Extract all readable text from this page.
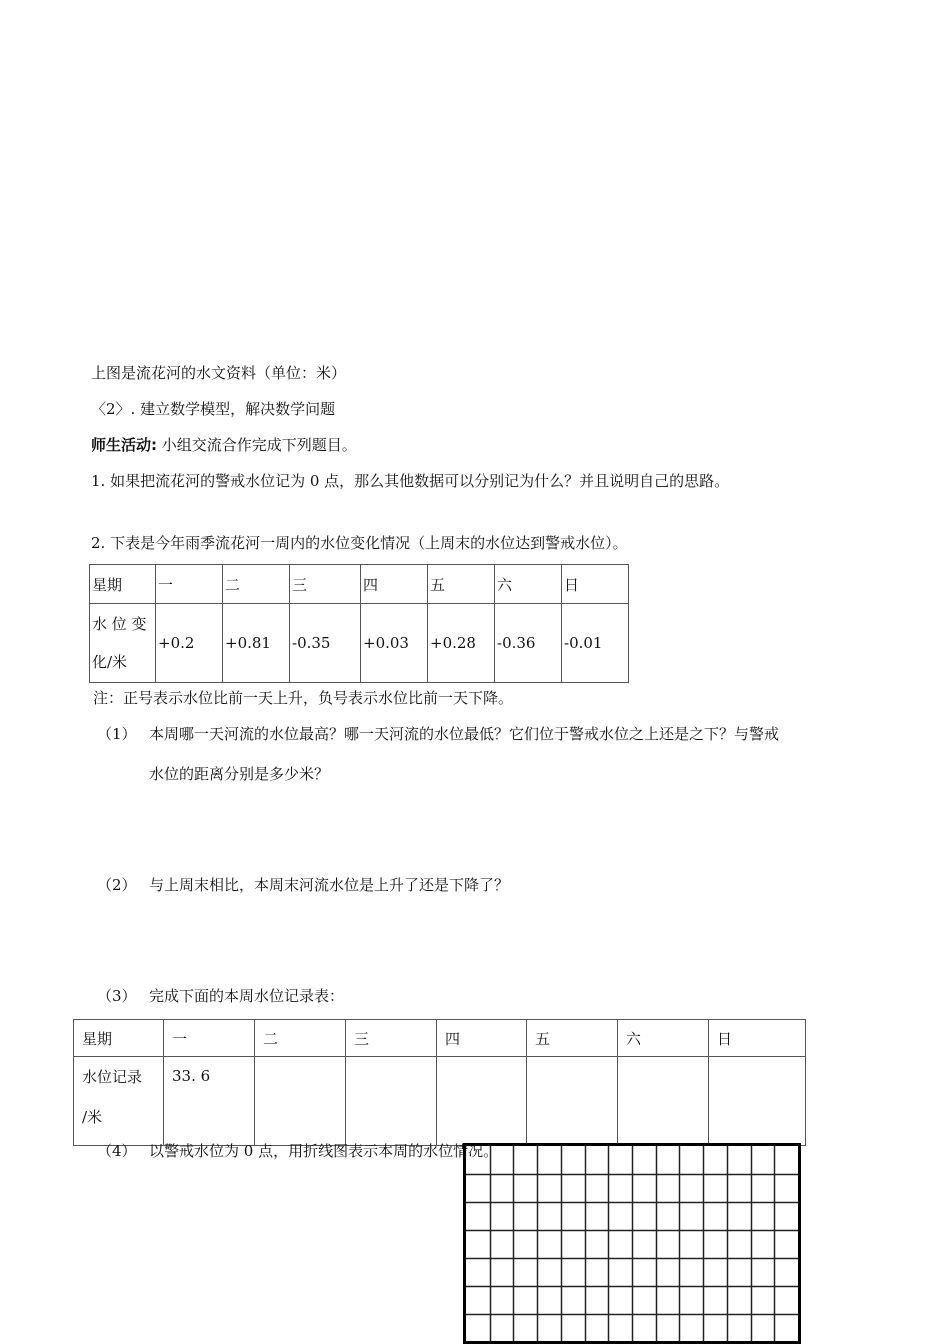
上图是流花河的水文资料（单位：米）
〈2〉. 建立数学模型，解决数学问题
师生活动: 小组交流合作完成下列题目。
1. 如果把流花河的警戒水位记为 0 点，那么其他数据可以分别记为什么？并且说明自己的思路。
2. 下表是今年雨季流花河一周内的水位变化情况（上周末的水位达到警戒水位）。
星期	一	二	三	四	五	六	日

水 位 变
化/米	+0.2	+0.81	-0.35	+0.03	+0.28	-0.36	-0.01
注：正号表示水位比前一天上升，负号表示水位比前一天下降。
（1） 本周哪一天河流的水位最高？哪一天河流的水位最低？它们位于警戒水位之上还是之下？与警戒
水位的距离分别是多少米？
（2） 与上周末相比，本周末河流水位是上升了还是下降了？
（3） 完成下面的本周水位记录表：
星期	一	二	三	四	五	六	日

水位记录
/米	33. 6						
（4） 以警戒水位为 0 点，用折线图表示本周的水位情况。
